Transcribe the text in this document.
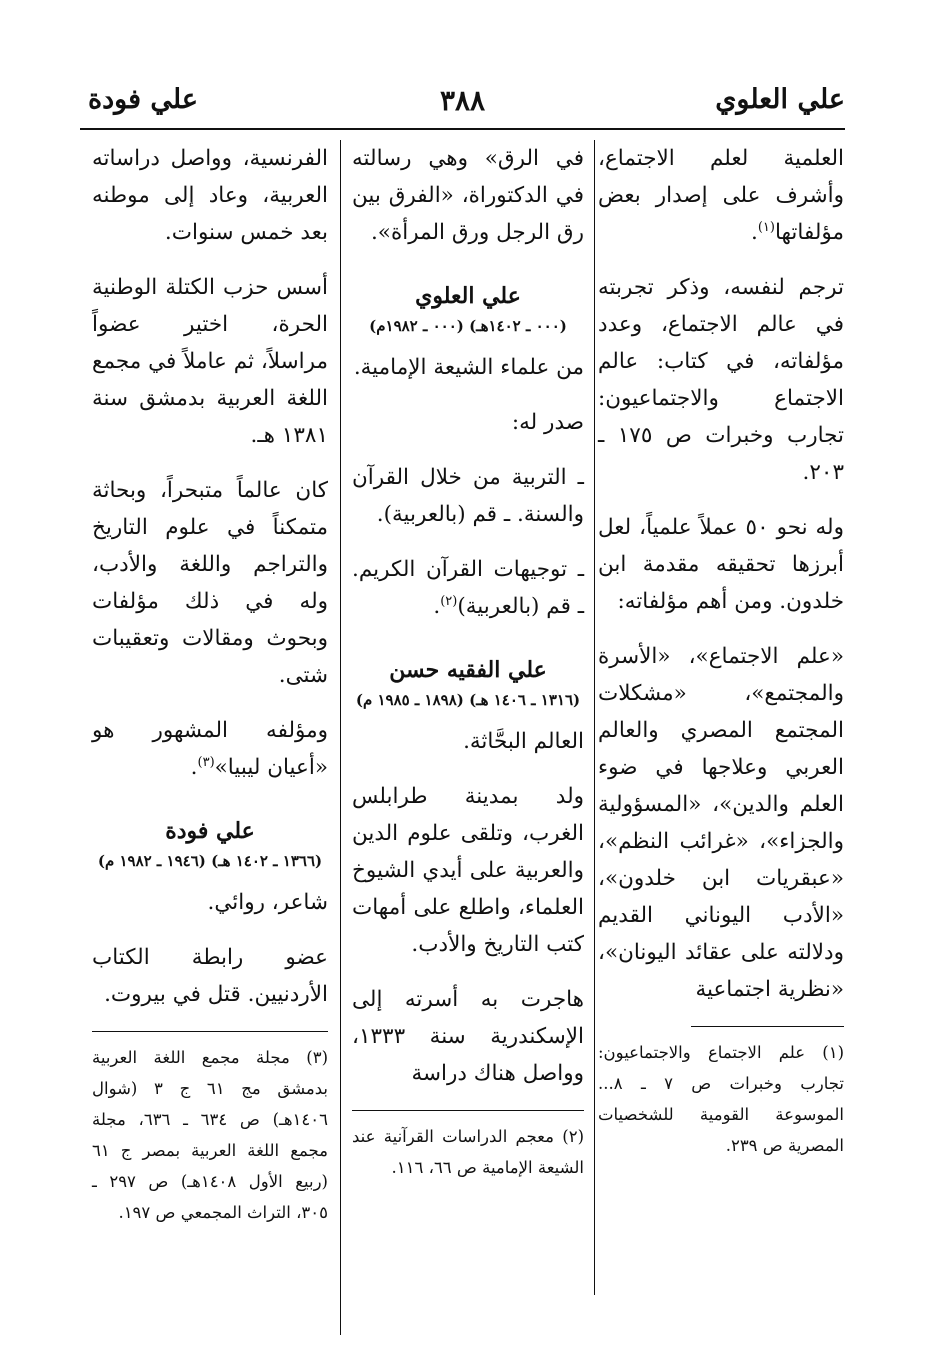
علي العلوي
٣٨٨
علي فودة

العلمية لعلم الاجتماع، وأشرف على إصدار بعض مؤلفاتها$^{(١)}$.

ترجم لنفسه، وذكر تجربته في عالم الاجتماع، وعدد مؤلفاته، في كتاب: عالم الاجتماع والاجتماعيون: تجارب وخبرات ص ١٧٥ ـ ٢٠٣.

وله نحو ٥٠ عملاً علمياً، لعل أبرزها تحقيقه مقدمة ابن خلدون. ومن أهم مؤلفاته:

«علم الاجتماع»، «الأسرة والمجتمع»، «مشكلات المجتمع المصري والعالم العربي وعلاجها في ضوء العلم والدين»، «المسؤولية والجزاء»، «غرائب النظم»، «عبقريات ابن خلدون»، «الأدب اليوناني القديم ودلالته على عقائد اليونان»، «نظرية اجتماعية

(١) علم الاجتماع والاجتماعيون: تجارب وخبرات ص ٧ ـ ٨... الموسوعة القومية للشخصيات المصرية ص ٢٣٩.

في الرق» وهي رسالته في الدكتوراة، «الفرق بين رق الرجل ورق المرأة».

علي العلوي
(٠٠٠ ـ ١٤٠٢هـ) (٠٠٠ ـ ١٩٨٢م)

من علماء الشيعة الإمامية.

صدر له:

ـ التربية من خلال القرآن والسنة. ـ قم (بالعربية).

ـ توجيهات القرآن الكريم. ـ قم (بالعربية)$^{(٢)}$.

علي الفقيه حسن
(١٣١٦ ـ ١٤٠٦ هـ) (١٨٩٨ ـ ١٩٨٥ م)

العالم البحَّاثة.

ولد بمدينة طرابلس الغرب، وتلقى علوم الدين والعربية على أيدي الشيوخ العلماء، واطلع على أمهات كتب التاريخ والأدب.

هاجرت به أسرته إلى الإسكندرية سنة ١٣٣٣، وواصل هناك دراسة

(٢) معجم الدراسات القرآنية عند الشيعة الإمامية ص ٦٦، ١١٦.

الفرنسية، وواصل دراساته العربية، وعاد إلى موطنه بعد خمس سنوات.

أسس حزب الكتلة الوطنية الحرة، اختير عضواً مراسلاً، ثم عاملاً في مجمع اللغة العربية بدمشق سنة ١٣٨١ هـ.

كان عالماً متبحراً، وبحاثة متمكناً في علوم التاريخ والتراجم واللغة والأدب، وله في ذلك مؤلفات وبحوث ومقالات وتعقيبات شتى.

ومؤلفه المشهور هو «أعيان ليبيا»$^{(٣)}$.

علي فودة
(١٣٦٦ ـ ١٤٠٢ هـ) (١٩٤٦ ـ ١٩٨٢ م)

شاعر، روائي.

عضو رابطة الكتاب الأردنيين. قتل في بيروت.

(٣) مجلة مجمع اللغة العربية بدمشق مج ٦١ ج ٣ (شوال ١٤٠٦هـ) ص ٦٣٤ ـ ٦٣٦، مجلة مجمع اللغة العربية بمصر ج ٦١ (ربيع الأول ١٤٠٨هـ) ص ٢٩٧ ـ ٣٠٥، التراث المجمعي ص ١٩٧.
